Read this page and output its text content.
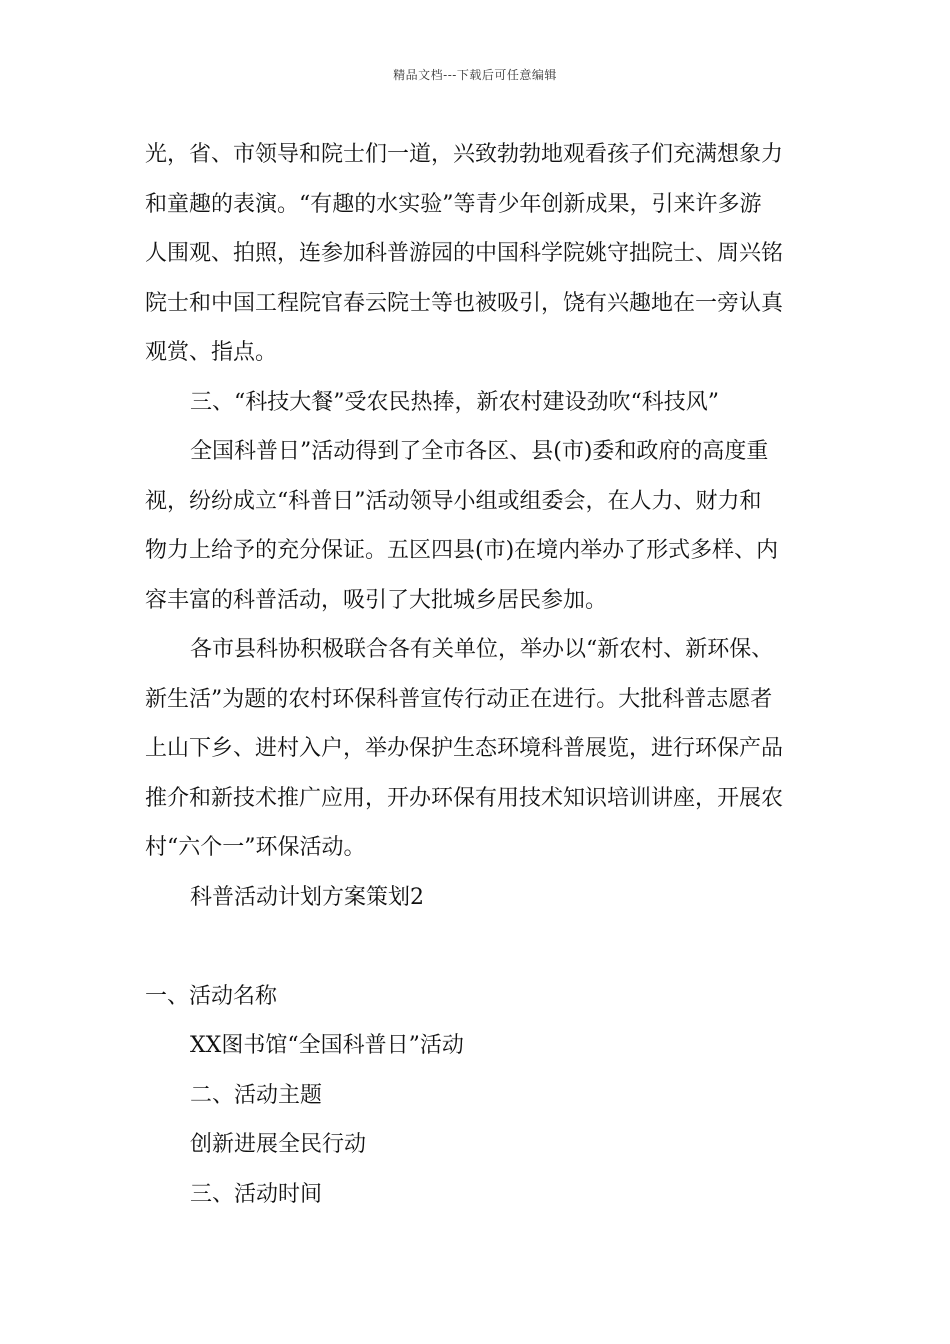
精品文档---下载后可任意编辑

光，省、市领导和院士们一道，兴致勃勃地观看孩子们充满想象力

和童趣的表演。“有趣的水实验”等青少年创新成果，引来许多游

人围观、拍照，连参加科普游园的中国科学院姚守拙院士、周兴铭

院士和中国工程院官春云院士等也被吸引，饶有兴趣地在一旁认真

观赏、指点。

三、“科技大餐”受农民热捧，新农村建设劲吹“科技风”

全国科普日”活动得到了全市各区、县(市)委和政府的高度重

视，纷纷成立“科普日”活动领导小组或组委会，在人力、财力和

物力上给予的充分保证。五区四县(市)在境内举办了形式多样、内

容丰富的科普活动，吸引了大批城乡居民参加。

各市县科协积极联合各有关单位，举办以“新农村、新环保、

新生活”为题的农村环保科普宣传行动正在进行。大批科普志愿者

上山下乡、进村入户，举办保护生态环境科普展览，进行环保产品

推介和新技术推广应用，开办环保有用技术知识培训讲座，开展农

村“六个一”环保活动。

科普活动计划方案策划2

一、活动名称

XX图书馆“全国科普日”活动

二、活动主题

创新进展全民行动

三、活动时间
